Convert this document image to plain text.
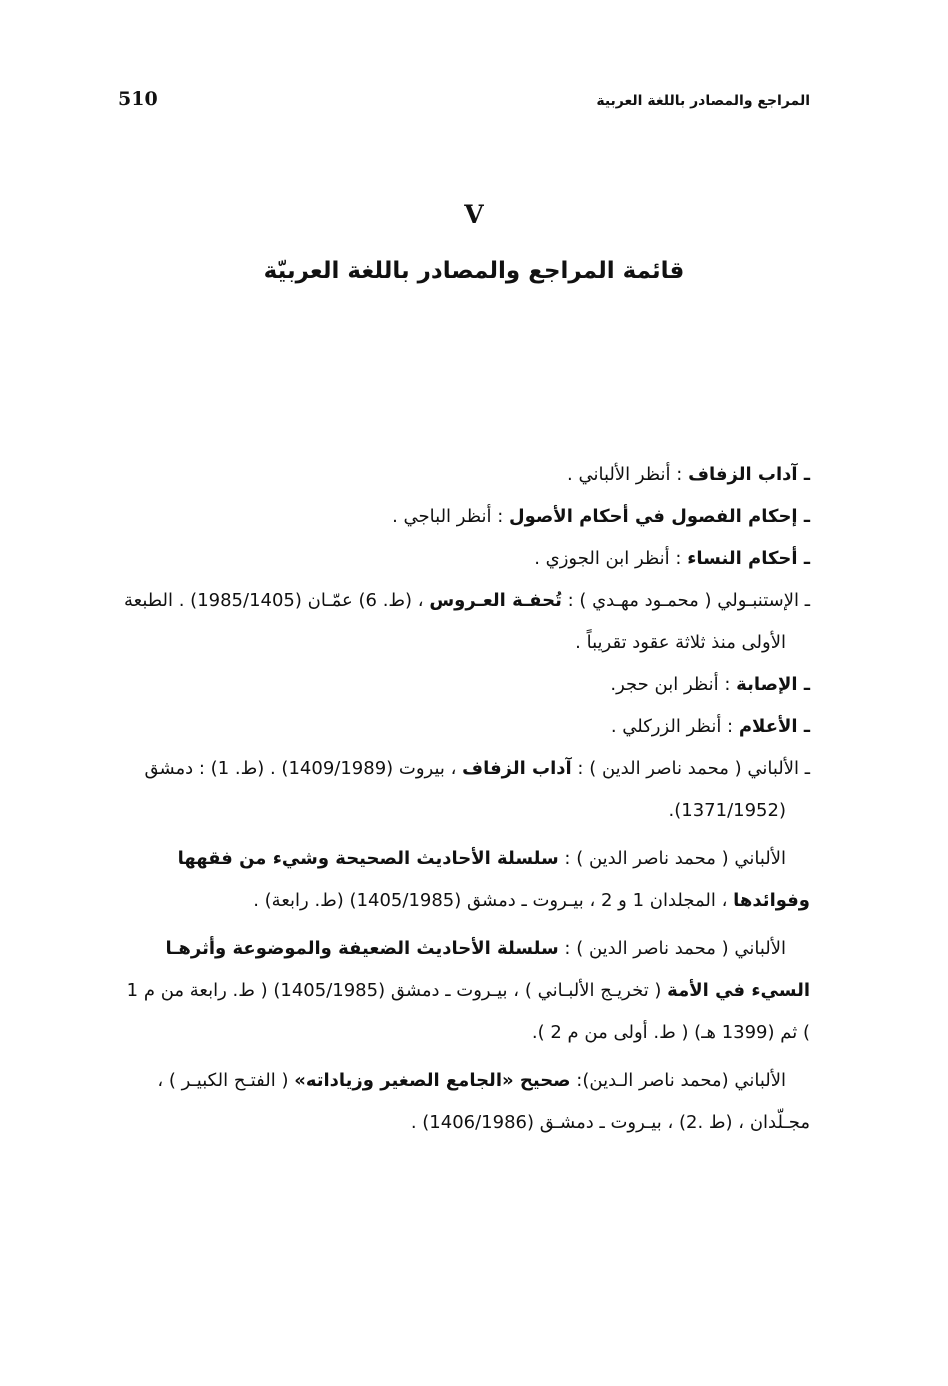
510	المراجع والمصادر باللغة العربية
V
قائمة المراجع والمصادر باللغة العربيّة

ـ آداب الزفاف : أنظر الألباني .

ـ إحكام الفصول في أحكام الأصول : أنظر الباجي .

ـ أحكام النساء : أنظر ابن الجوزي .

ـ الإستنبـولي ( محمـود مهـدي ) : تُحفـة العـروس ، (ط. 6) عمّـان (1985/1405) . الطبعة الأولى منذ ثلاثة عقود تقريباً .

ـ الإصابة : أنظر ابن حجر.

ـ الأعلام : أنظر الزركلي .

ـ الألباني ( محمد ناصر الدين ) : آداب الزفاف ، بيروت (1409/1989) . (ط. 1) : دمشق (1371/1952).

الألباني ( محمد ناصر الدين ) : سلسلة الأحاديث الصحيحة وشيء من فقهها وفوائدها ، المجلدان 1 و 2 ، بيـروت ـ دمشق (1405/1985) (ط. رابعة) .

الألباني ( محمد ناصر الدين ) : سلسلة الأحاديث الضعيفة والموضوعة وأثرهـا السيء في الأمة ( تخريـج الألبـاني ) ، بيـروت ـ دمشق (1405/1985) ( ط. رابعة من م 1 ) ثم (1399 هـ) ( ط. أولى من م 2 ).

الألباني (محمد ناصر الـدين): صحيح «الجامع الصغير وزياداته» ( الفتـح الكبيـر ) ، مجـلّدان ، (ط .2) ، بيـروت ـ دمشـق (1406/1986) .
